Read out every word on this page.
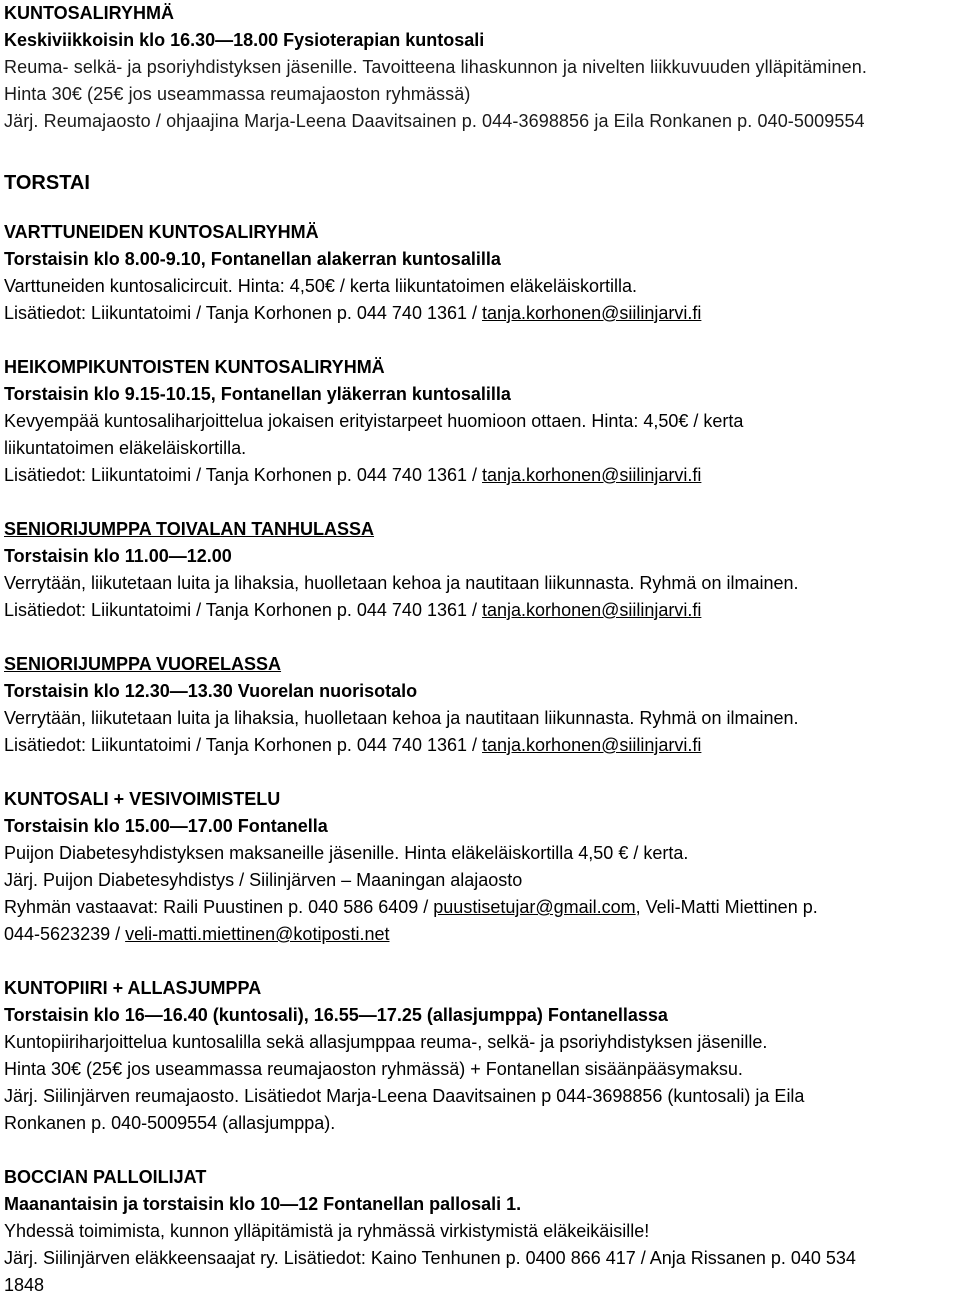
KUNTOSALIRYHMÄ
Keskiviikkoisin klo 16.30—18.00 Fysioterapian kuntosali
Reuma- selkä- ja psoriyhdistyksen jäsenille. Tavoitteena lihaskunnon ja nivelten liikkuvuuden ylläpitäminen.
Hinta 30€ (25€ jos useammassa reumajaoston ryhmässä)
Järj. Reumajaosto / ohjaajina Marja-Leena Daavitsainen p. 044-3698856 ja Eila Ronkanen p. 040-5009554
TORSTAI
VARTTUNEIDEN KUNTOSALIRYHMÄ
Torstaisin klo 8.00-9.10, Fontanellan alakerran kuntosalilla
Varttuneiden kuntosalicircuit. Hinta: 4,50€ / kerta liikuntatoimen eläkeläiskortilla.
Lisätiedot: Liikuntatoimi / Tanja Korhonen p. 044 740 1361 / tanja.korhonen@siilinjarvi.fi
HEIKOMPIKUNTOISTEN KUNTOSALIRYHMÄ
Torstaisin klo 9.15-10.15, Fontanellan yläkerran kuntosalilla
Kevyempää kuntosaliharjoittelua jokaisen erityistarpeet huomioon ottaen. Hinta: 4,50€ / kerta
liikuntatoimen eläkeläiskortilla.
Lisätiedot: Liikuntatoimi / Tanja Korhonen p. 044 740 1361 / tanja.korhonen@siilinjarvi.fi
SENIORIJUMPPA TOIVALAN TANHULASSA
Torstaisin klo 11.00—12.00
Verrytään, liikutetaan luita ja lihaksia, huolletaan kehoa ja nautitaan liikunnasta. Ryhmä on ilmainen.
Lisätiedot: Liikuntatoimi / Tanja Korhonen p. 044 740 1361 / tanja.korhonen@siilinjarvi.fi
SENIORIJUMPPA VUORELASSA
Torstaisin klo 12.30—13.30 Vuorelan nuorisotalo
Verrytään, liikutetaan luita ja lihaksia, huolletaan kehoa ja nautitaan liikunnasta. Ryhmä on ilmainen.
Lisätiedot: Liikuntatoimi / Tanja Korhonen p. 044 740 1361 / tanja.korhonen@siilinjarvi.fi
KUNTOSALI + VESIVOIMISTELU
Torstaisin klo 15.00—17.00 Fontanella
Puijon Diabetesyhdistyksen maksaneille jäsenille. Hinta eläkeläiskortilla 4,50 € / kerta.
Järj. Puijon Diabetesyhdistys / Siilinjärven – Maaningan alajaosto
Ryhmän vastaavat: Raili Puustinen p. 040 586 6409 / puustisetujar@gmail.com, Veli-Matti Miettinen p.
044-5623239 / veli-matti.miettinen@kotiposti.net
KUNTOPIIRI + ALLASJUMPPA
Torstaisin klo 16—16.40 (kuntosali), 16.55—17.25 (allasjumppa) Fontanellassa
Kuntopiiriharjoittelua kuntosalilla sekä allasjumppaa reuma-, selkä- ja psoriyhdistyksen jäsenille.
Hinta 30€ (25€ jos useammassa reumajaoston ryhmässä) + Fontanellan sisäänpääsymaksu.
Järj. Siilinjärven reumajaosto. Lisätiedot Marja-Leena Daavitsainen p 044-3698856 (kuntosali) ja Eila
Ronkanen p. 040-5009554 (allasjumppa).
BOCCIAN PALLOILIJAT
Maanantaisin ja torstaisin klo 10—12 Fontanellan pallosali 1.
Yhdessä toimimista, kunnon ylläpitämistä ja ryhmässä virkistymistä eläkeikäisille!
Järj. Siilinjärven eläkkeensaajat ry. Lisätiedot: Kaino Tenhunen p. 0400 866 417 / Anja Rissanen p. 040 534
1848
